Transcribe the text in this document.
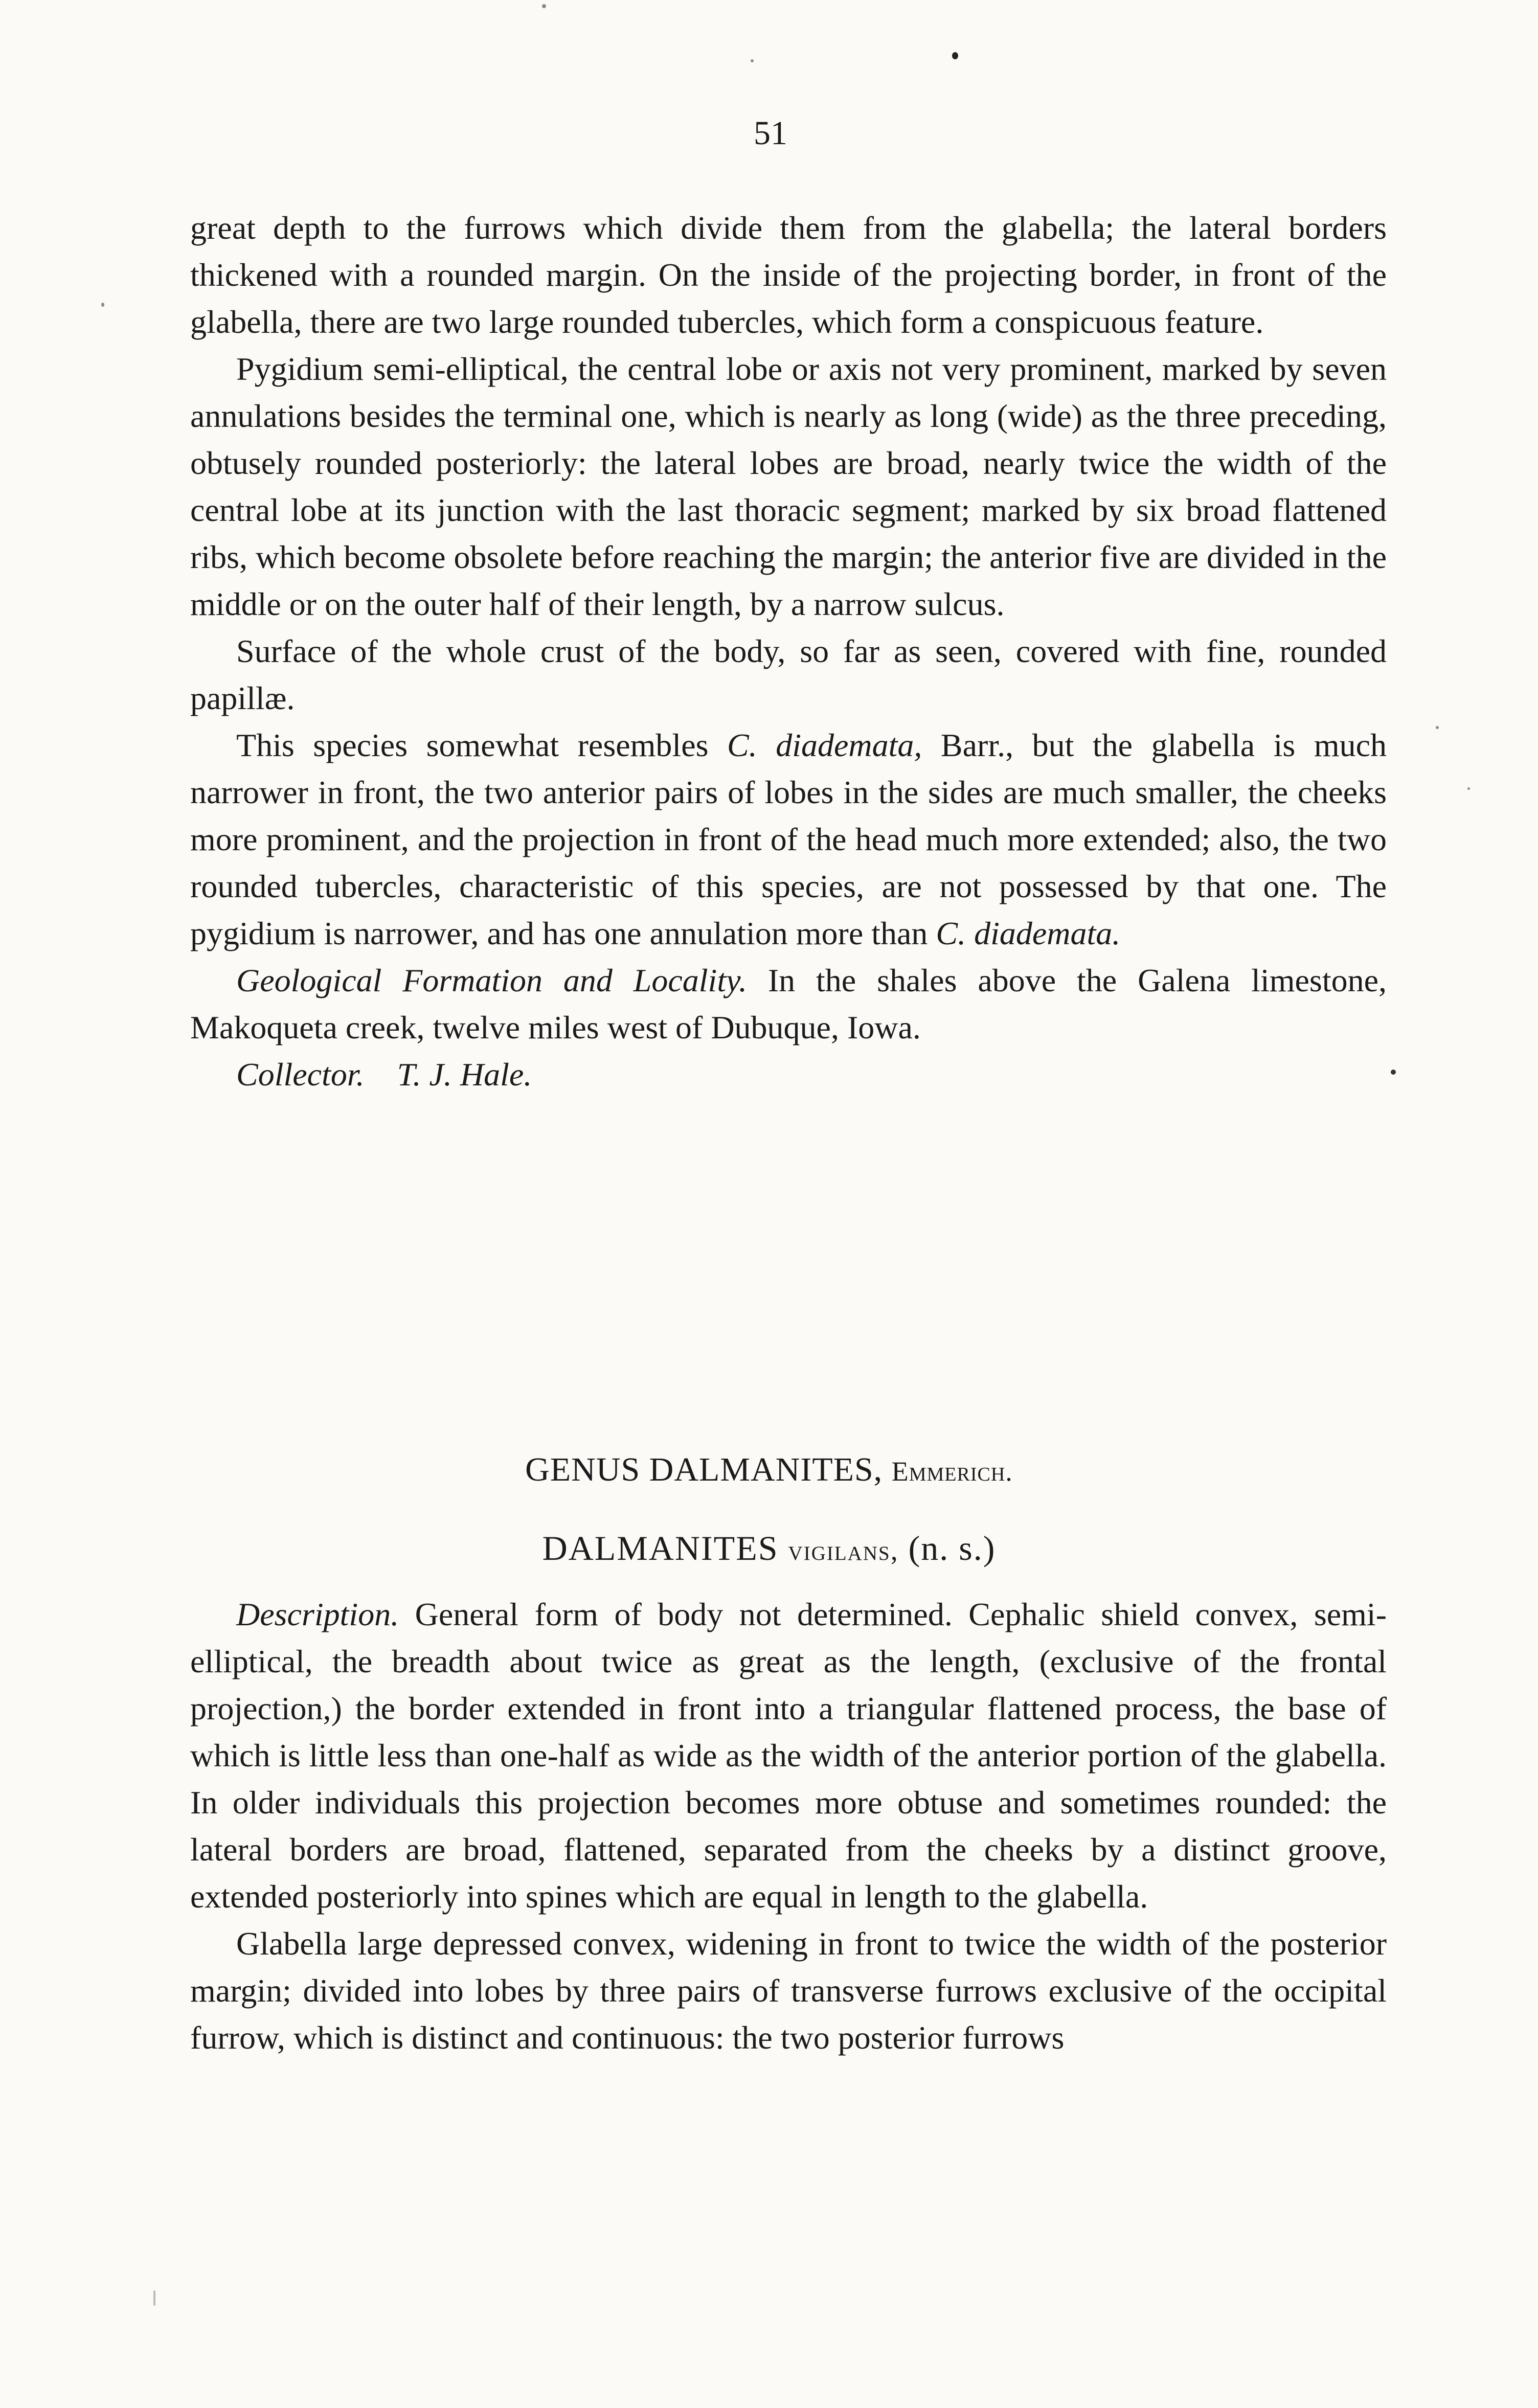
51

great depth to the furrows which divide them from the glabella; the lateral borders thickened with a rounded margin. On the inside of the projecting border, in front of the glabella, there are two large rounded tubercles, which form a conspicuous feature.

Pygidium semi-elliptical, the central lobe or axis not very prominent, marked by seven annulations besides the terminal one, which is nearly as long (wide) as the three preceding, obtusely rounded posteriorly: the lateral lobes are broad, nearly twice the width of the central lobe at its junction with the last thoracic segment; marked by six broad flattened ribs, which become obsolete before reaching the margin; the anterior five are divided in the middle or on the outer half of their length, by a narrow sulcus.

Surface of the whole crust of the body, so far as seen, covered with fine, rounded papillæ.

This species somewhat resembles C. diademata, Barr., but the glabella is much narrower in front, the two anterior pairs of lobes in the sides are much smaller, the cheeks more prominent, and the projection in front of the head much more extended; also, the two rounded tubercles, characteristic of this species, are not possessed by that one. The pygidium is narrower, and has one annulation more than C. diademata.

Geological Formation and Locality. In the shales above the Galena limestone, Makoqueta creek, twelve miles west of Dubuque, Iowa.

Collector. T. J. Hale.

GENUS DALMANITES, Emmerich.
DALMANITES vigilans, (n. s.)

Description. General form of body not determined. Cephalic shield convex, semi-elliptical, the breadth about twice as great as the length, (exclusive of the frontal projection,) the border extended in front into a triangular flattened process, the base of which is little less than one-half as wide as the width of the anterior portion of the glabella. In older individuals this projection becomes more obtuse and sometimes rounded: the lateral borders are broad, flattened, separated from the cheeks by a distinct groove, extended posteriorly into spines which are equal in length to the glabella.

Glabella large depressed convex, widening in front to twice the width of the posterior margin; divided into lobes by three pairs of transverse furrows exclusive of the occipital furrow, which is distinct and continuous: the two posterior furrows
